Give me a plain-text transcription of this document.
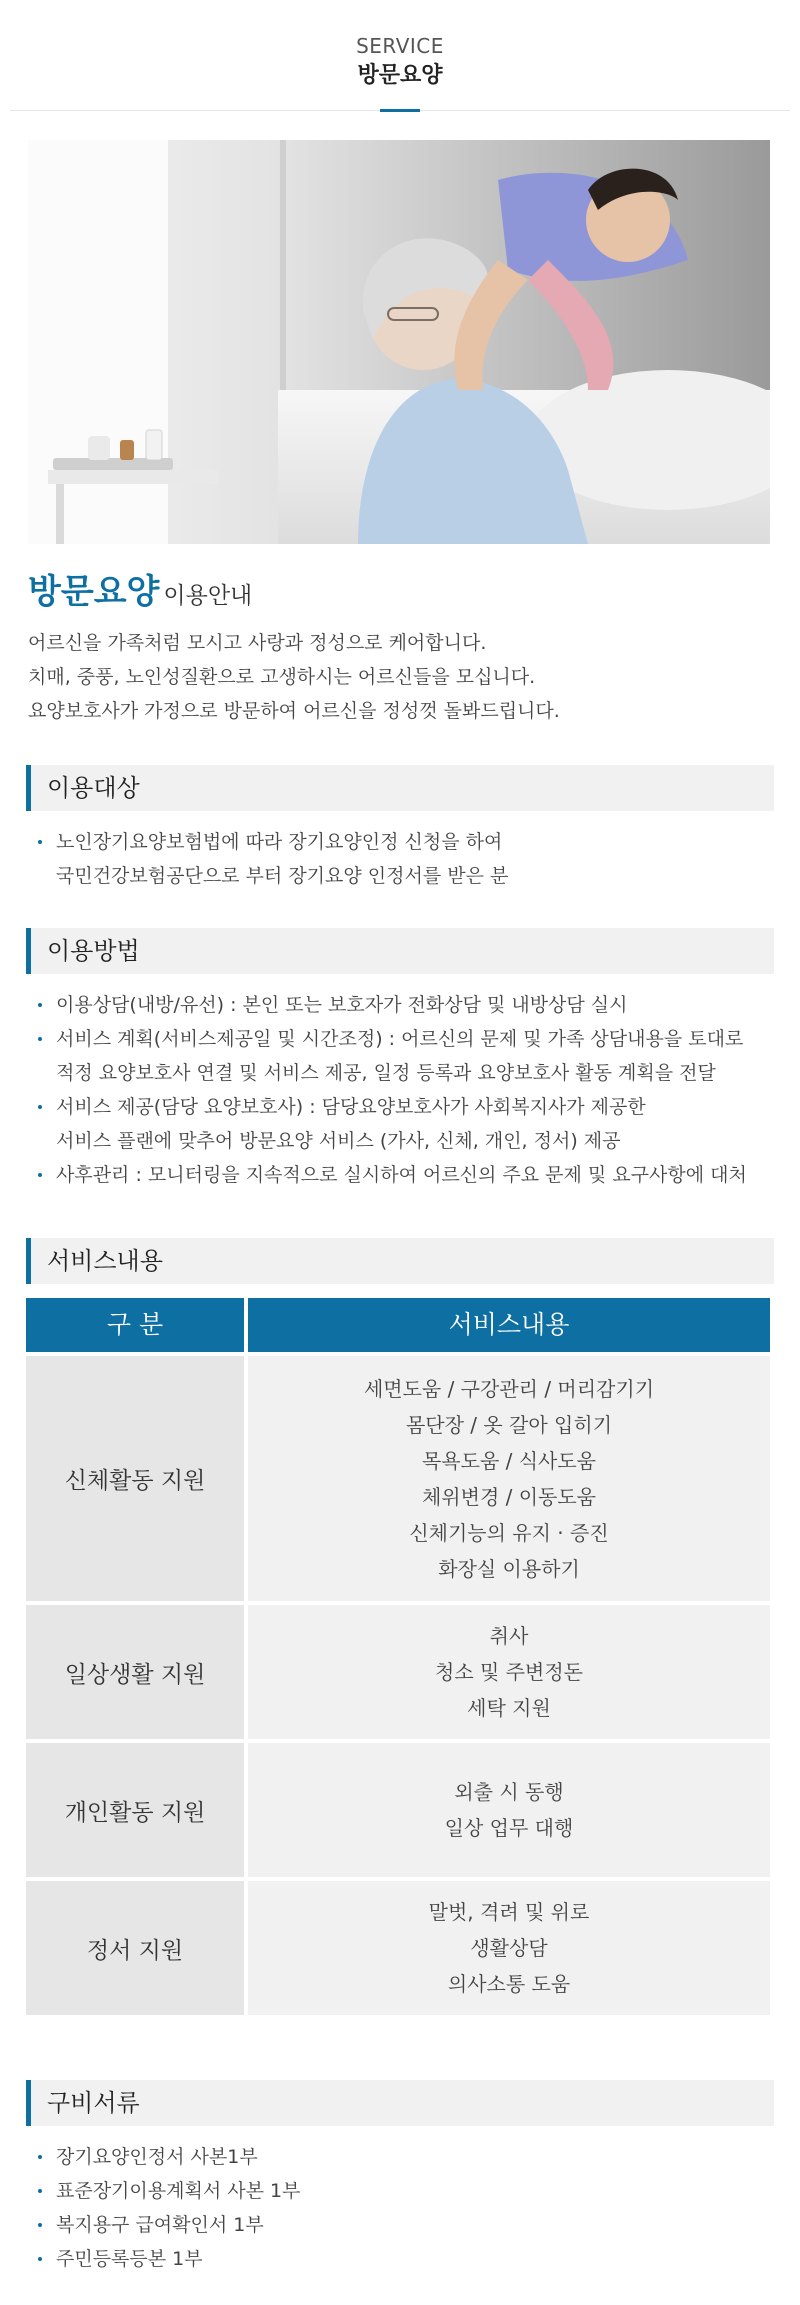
SERVICE
방문요양
방문요양 이용안내
어르신을 가족처럼 모시고 사랑과 정성으로 케어합니다.
치매, 중풍, 노인성질환으로 고생하시는 어르신들을 모십니다.
요양보호사가 가정으로 방문하여 어르신을 정성껏 돌봐드립니다.
이용대상
노인장기요양보험법에 따라 장기요양인정 신청을 하여
국민건강보험공단으로 부터 장기요양 인정서를 받은 분
이용방법
이용상담(내방/유선) : 본인 또는 보호자가 전화상담 및 내방상담 실시
서비스 계획(서비스제공일 및 시간조정) : 어르신의 문제 및 가족 상담내용을 토대로
적정 요양보호사 연결 및 서비스 제공, 일정 등록과 요양보호사 활동 계획을 전달
서비스 제공(담당 요양보호사) : 담당요양보호사가 사회복지사가 제공한
서비스 플랜에 맞추어 방문요양 서비스 (가사, 신체, 개인, 정서) 제공
사후관리 : 모니터링을 지속적으로 실시하여 어르신의 주요 문제 및 요구사항에 대처
서비스내용
구 분	서비스내용
신체활동 지원
세면도움 / 구강관리 / 머리감기기
몸단장 / 옷 갈아 입히기
목욕도움 / 식사도움
체위변경 / 이동도움
신체기능의 유지 · 증진
화장실 이용하기
일상생활 지원
취사
청소 및 주변정돈
세탁 지원
개인활동 지원
외출 시 동행
일상 업무 대행
정서 지원
말벗, 격려 및 위로
생활상담
의사소통 도움
구비서류
장기요양인정서 사본1부
표준장기이용계획서 사본 1부
복지용구 급여확인서 1부
주민등록등본 1부
